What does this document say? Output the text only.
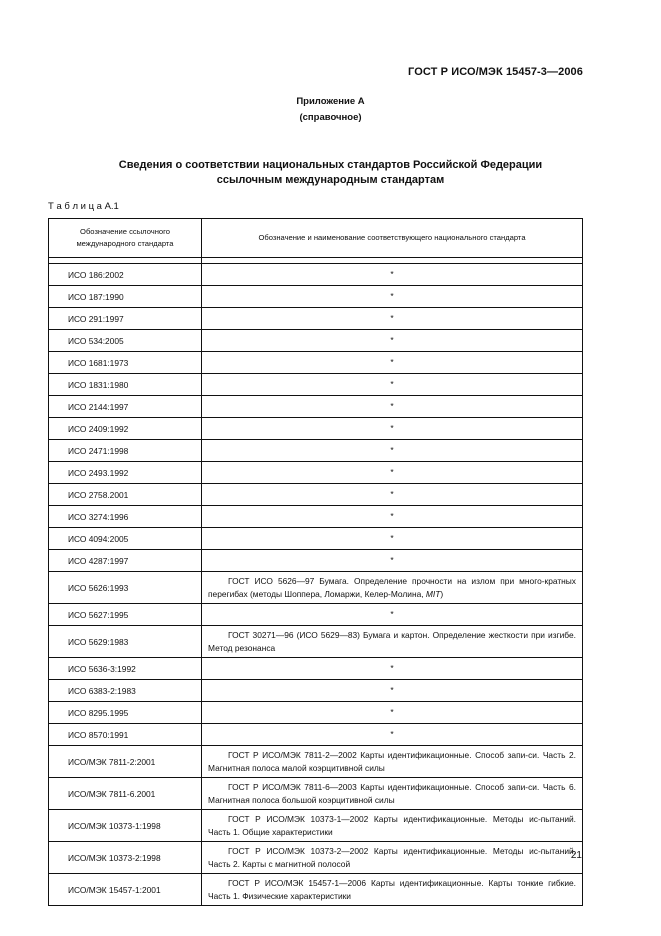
ГОСТ Р ИСО/МЭК 15457-3—2006
Приложение А
(справочное)
Сведения о соответствии национальных стандартов Российской Федерации
ссылочным международным стандартам
Т а б л и ц а А.1
Обозначение ссылочного
международного стандарта	Обозначение и наименование соответствующего национального стандарта

ИСО 186:2002	*
ИСО 187:1990	*
ИСО 291:1997	*
ИСО 534:2005	*
ИСО 1681:1973	*
ИСО 1831:1980	*
ИСО 2144:1997	*
ИСО 2409:1992	*
ИСО 2471:1998	*
ИСО 2493.1992	*
ИСО 2758.2001	*
ИСО 3274:1996	*
ИСО 4094:2005	*
ИСО 4287:1997	*
ИСО 5626:1993	ГОСТ ИСО 5626—97 Бумага. Определение прочности на излом при много-кратных перегибах (методы Шоппера, Ломаржи, Келер-Молина, MIT)
ИСО 5627:1995	*
ИСО 5629:1983	ГОСТ 30271—96 (ИСО 5629—83) Бумага и картон. Определение жесткости при изгибе. Метод резонанса
ИСО 5636-3:1992	*
ИСО 6383-2:1983	*
ИСО 8295.1995	*
ИСО 8570:1991	*
ИСО/МЭК 7811-2:2001	ГОСТ Р ИСО/МЭК 7811-2—2002 Карты идентификационные. Способ запи-си. Часть 2. Магнитная полоса малой коэрцитивной силы
ИСО/МЭК 7811-6.2001	ГОСТ Р ИСО/МЭК 7811-6—2003 Карты идентификационные. Способ запи-си. Часть 6. Магнитная полоса большой коэрцитивной силы
ИСО/МЭК 10373-1:1998	ГОСТ Р ИСО/МЭК 10373-1—2002 Карты идентификационные. Методы ис-пытаний. Часть 1. Общие характеристики
ИСО/МЭК 10373-2:1998	ГОСТ Р ИСО/МЭК 10373-2—2002 Карты идентификационные. Методы ис-пытаний. Часть 2. Карты с магнитной полосой
ИСО/МЭК 15457-1:2001	ГОСТ Р ИСО/МЭК 15457-1—2006 Карты идентификационные. Карты тонкие гибкие. Часть 1. Физические характеристики
21
